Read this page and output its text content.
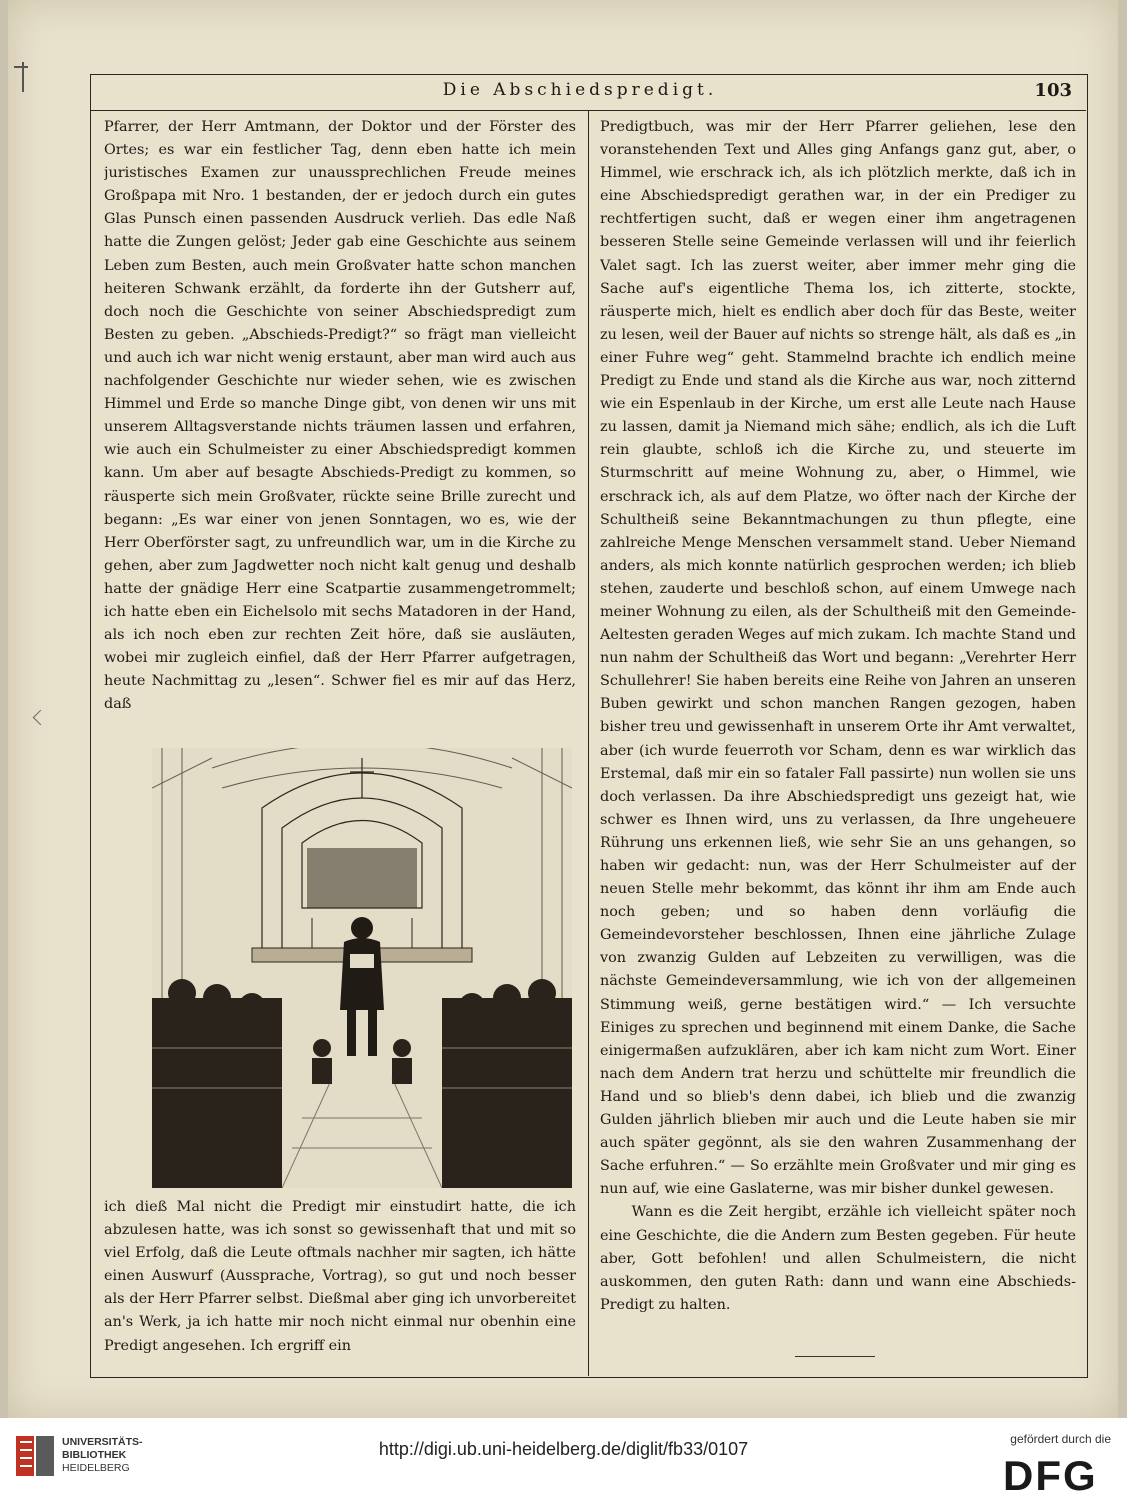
Die Abschiedspredigt.	103

Pfarrer, der Herr Amtmann, der Doktor und der Förster des Ortes; es war ein festlicher Tag, denn eben hatte ich mein juristisches Examen zur unaussprechlichen Freude meines Großpapa mit Nro. 1 bestanden, der er jedoch durch ein gutes Glas Punsch einen passenden Ausdruck verlieh. Das edle Naß hatte die Zungen gelöst; Jeder gab eine Geschichte aus seinem Leben zum Besten, auch mein Großvater hatte schon manchen heiteren Schwank erzählt, da forderte ihn der Gutsherr auf, doch noch die Geschichte von seiner Abschiedspredigt zum Besten zu geben. „Abschieds-Predigt?“ so frägt man vielleicht und auch ich war nicht wenig erstaunt, aber man wird auch aus nachfolgender Geschichte nur wieder sehen, wie es zwischen Himmel und Erde so manche Dinge gibt, von denen wir uns mit unserem Alltagsverstande nichts träumen lassen und erfahren, wie auch ein Schulmeister zu einer Abschiedspredigt kommen kann. Um aber auf besagte Abschieds-Predigt zu kommen, so räusperte sich mein Großvater, rückte seine Brille zurecht und begann: „Es war einer von jenen Sonntagen, wo es, wie der Herr Oberförster sagt, zu unfreundlich war, um in die Kirche zu gehen, aber zum Jagdwetter noch nicht kalt genug und deshalb hatte der gnädige Herr eine Scatpartie zusammengetrommelt; ich hatte eben ein Eichelsolo mit sechs Matadoren in der Hand, als ich noch eben zur rechten Zeit höre, daß sie ausläuten, wobei mir zugleich einfiel, daß der Herr Pfarrer aufgetragen, heute Nachmittag zu „lesen“. Schwer fiel es mir auf das Herz, daß

ich dieß Mal nicht die Predigt mir einstudirt hatte, die ich abzulesen hatte, was ich sonst so gewissenhaft that und mit so viel Erfolg, daß die Leute oftmals nachher mir sagten, ich hätte einen Auswurf (Aussprache, Vortrag), so gut und noch besser als der Herr Pfarrer selbst. Dießmal aber ging ich unvorbereitet an's Werk, ja ich hatte mir noch nicht einmal nur obenhin eine Predigt angesehen. Ich ergriff ein

Predigtbuch, was mir der Herr Pfarrer geliehen, lese den voranstehenden Text und Alles ging Anfangs ganz gut, aber, o Himmel, wie erschrack ich, als ich plötzlich merkte, daß ich in eine Abschiedspredigt gerathen war, in der ein Prediger zu rechtfertigen sucht, daß er wegen einer ihm angetragenen besseren Stelle seine Gemeinde verlassen will und ihr feierlich Valet sagt. Ich las zuerst weiter, aber immer mehr ging die Sache auf's eigentliche Thema los, ich zitterte, stockte, räusperte mich, hielt es endlich aber doch für das Beste, weiter zu lesen, weil der Bauer auf nichts so strenge hält, als daß es „in einer Fuhre weg“ geht. Stammelnd brachte ich endlich meine Predigt zu Ende und stand als die Kirche aus war, noch zitternd wie ein Espenlaub in der Kirche, um erst alle Leute nach Hause zu lassen, damit ja Niemand mich sähe; endlich, als ich die Luft rein glaubte, schloß ich die Kirche zu, und steuerte im Sturmschritt auf meine Wohnung zu, aber, o Himmel, wie erschrack ich, als auf dem Platze, wo öfter nach der Kirche der Schultheiß seine Bekanntmachungen zu thun pflegte, eine zahlreiche Menge Menschen versammelt stand. Ueber Niemand anders, als mich konnte natürlich gesprochen werden; ich blieb stehen, zauderte und beschloß schon, auf einem Umwege nach meiner Wohnung zu eilen, als der Schultheiß mit den Gemeinde-Aeltesten geraden Weges auf mich zukam. Ich machte Stand und nun nahm der Schultheiß das Wort und begann: „Verehrter Herr Schullehrer! Sie haben bereits eine Reihe von Jahren an unseren Buben gewirkt und schon manchen Rangen gezogen, haben bisher treu und gewissenhaft in unserem Orte ihr Amt verwaltet, aber (ich wurde feuerroth vor Scham, denn es war wirklich das Erstemal, daß mir ein so fataler Fall passirte) nun wollen sie uns doch verlassen. Da ihre Abschiedspredigt uns gezeigt hat, wie schwer es Ihnen wird, uns zu verlassen, da Ihre ungeheuere Rührung uns erkennen ließ, wie sehr Sie an uns gehangen, so haben wir gedacht: nun, was der Herr Schulmeister auf der neuen Stelle mehr bekommt, das könnt ihr ihm am Ende auch noch geben; und so haben denn vorläufig die Gemeindevorsteher beschlossen, Ihnen eine jährliche Zulage von zwanzig Gulden auf Lebzeiten zu verwilligen, was die nächste Gemeindeversammlung, wie ich von der allgemeinen Stimmung weiß, gerne bestätigen wird.“ — Ich versuchte Einiges zu sprechen und beginnend mit einem Danke, die Sache einigermaßen aufzuklären, aber ich kam nicht zum Wort. Einer nach dem Andern trat herzu und schüttelte mir freundlich die Hand und so blieb's denn dabei, ich blieb und die zwanzig Gulden jährlich blieben mir auch und die Leute haben sie mir auch später gegönnt, als sie den wahren Zusammenhang der Sache erfuhren.“ — So erzählte mein Großvater und mir ging es nun auf, wie eine Gaslaterne, was mir bisher dunkel gewesen.

Wann es die Zeit hergibt, erzähle ich vielleicht später noch eine Geschichte, die die Andern zum Besten gegeben. Für heute aber, Gott befohlen! und allen Schulmeistern, die nicht auskommen, den guten Rath: dann und wann eine Abschieds-Predigt zu halten.

UNIVERSITÄTS-
BIBLIOTHEK
HEIDELBERG
http://digi.ub.uni-heidelberg.de/diglit/fb33/0107	gefördert durch die
DFG
